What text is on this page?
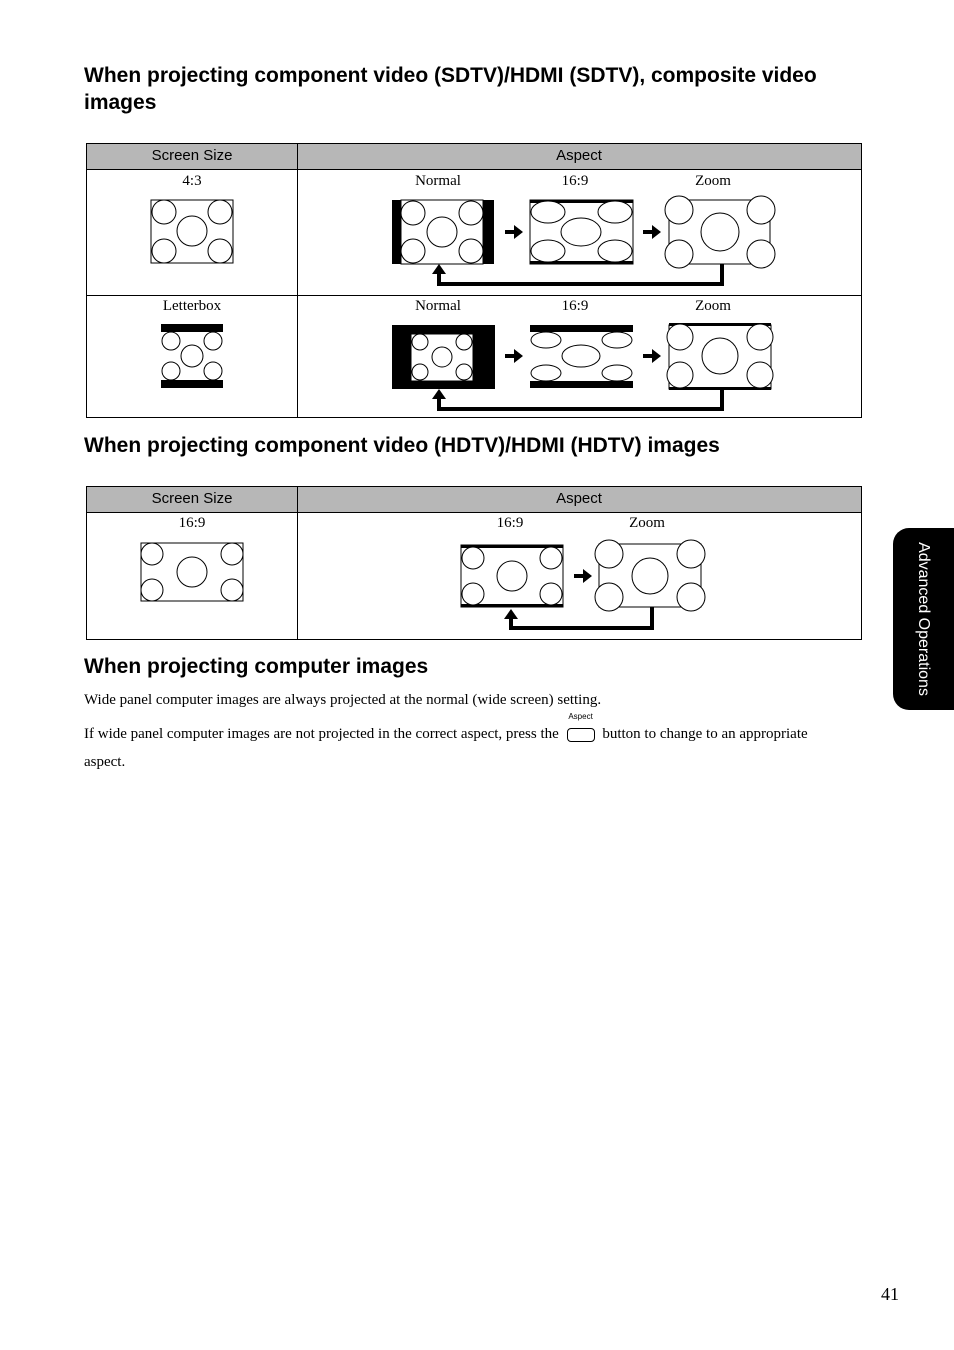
When projecting component video (SDTV)/HDMI (SDTV), composite video images
Screen Size	Aspect
4:3	Normal	16:9	Zoom
Letterbox	Normal	16:9	Zoom
When projecting component video (HDTV)/HDMI (HDTV) images
Screen Size	Aspect
16:9	16:9	Zoom
When projecting computer images

Wide panel computer images are always projected at the normal (wide screen) setting.

If wide panel computer images are not projected in the correct aspect, press the
Aspect
button to change to an appropriate
aspect.

Advanced Operations
41
